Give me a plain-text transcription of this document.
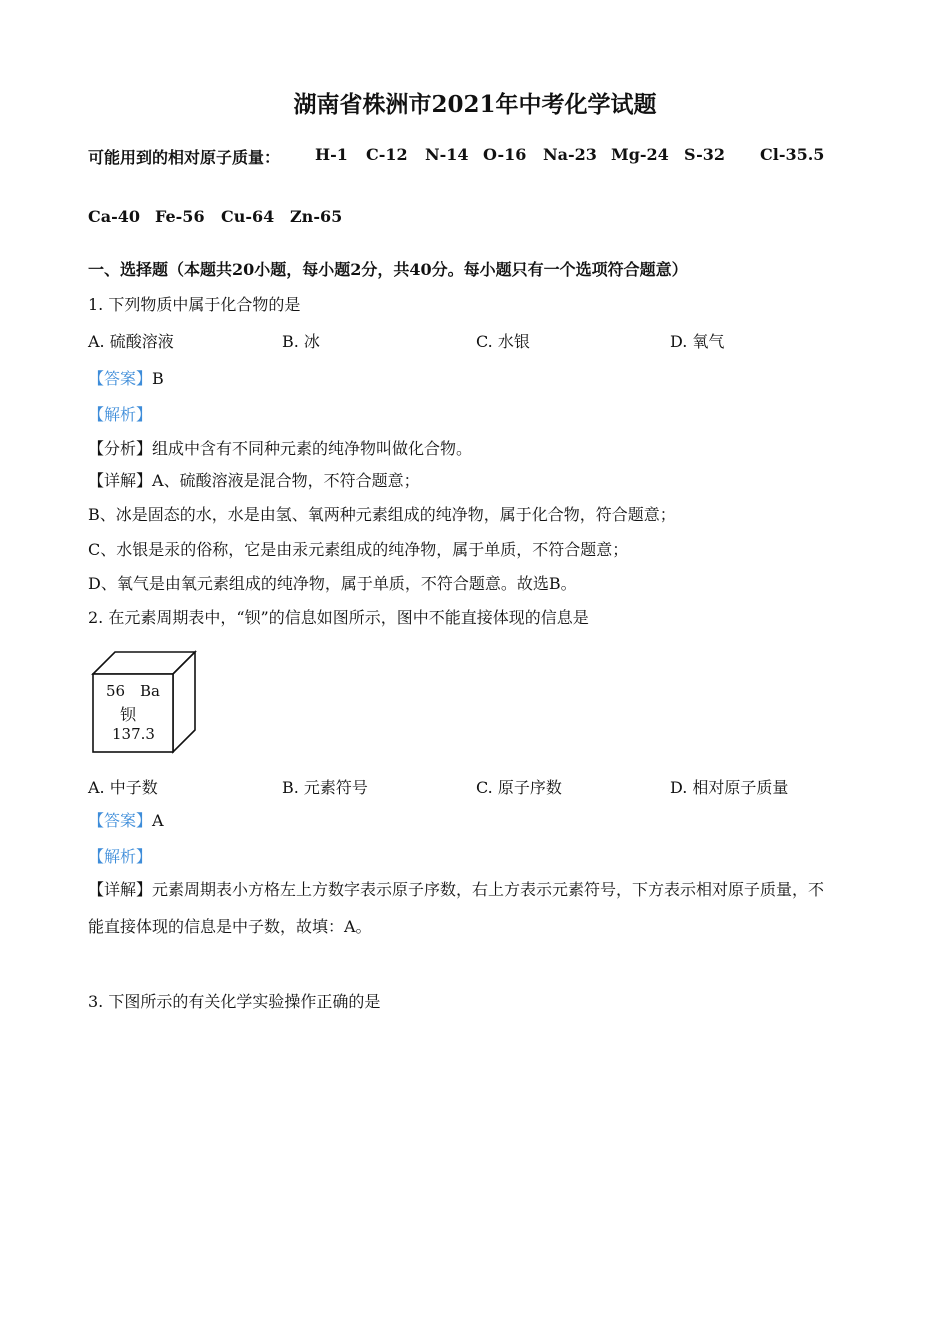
湖南省株洲市2021年中考化学试题
可能用到的相对原子质量： H-1 C-12 N-14 O-16 Na-23 Mg-24 S-32 Cl-35.5
Ca-40 Fe-56 Cu-64 Zn-65
一、选择题（本题共20小题，每小题2分，共40分。每小题只有一个选项符合题意）
1. 下列物质中属于化合物的是
A. 硫酸溶液	B. 冰	C. 水银	D. 氧气
【答案】B
【解析】
【分析】组成中含有不同种元素的纯净物叫做化合物。
【详解】A、硫酸溶液是混合物，不符合题意；
B、冰是固态的水，水是由氢、氧两种元素组成的纯净物，属于化合物，符合题意；
C、水银是汞的俗称，它是由汞元素组成的纯净物，属于单质，不符合题意；
D、氧气是由氧元素组成的纯净物，属于单质，不符合题意。故选B。
2. 在元素周期表中，“钡”的信息如图所示，图中不能直接体现的信息是
56 Ba
钡
137.3
A. 中子数	B. 元素符号	C. 原子序数	D. 相对原子质量
【答案】A
【解析】
【详解】元素周期表小方格左上方数字表示原子序数，右上方表示元素符号，下方表示相对原子质量，不
能直接体现的信息是中子数，故填：A。
3. 下图所示的有关化学实验操作正确的是
